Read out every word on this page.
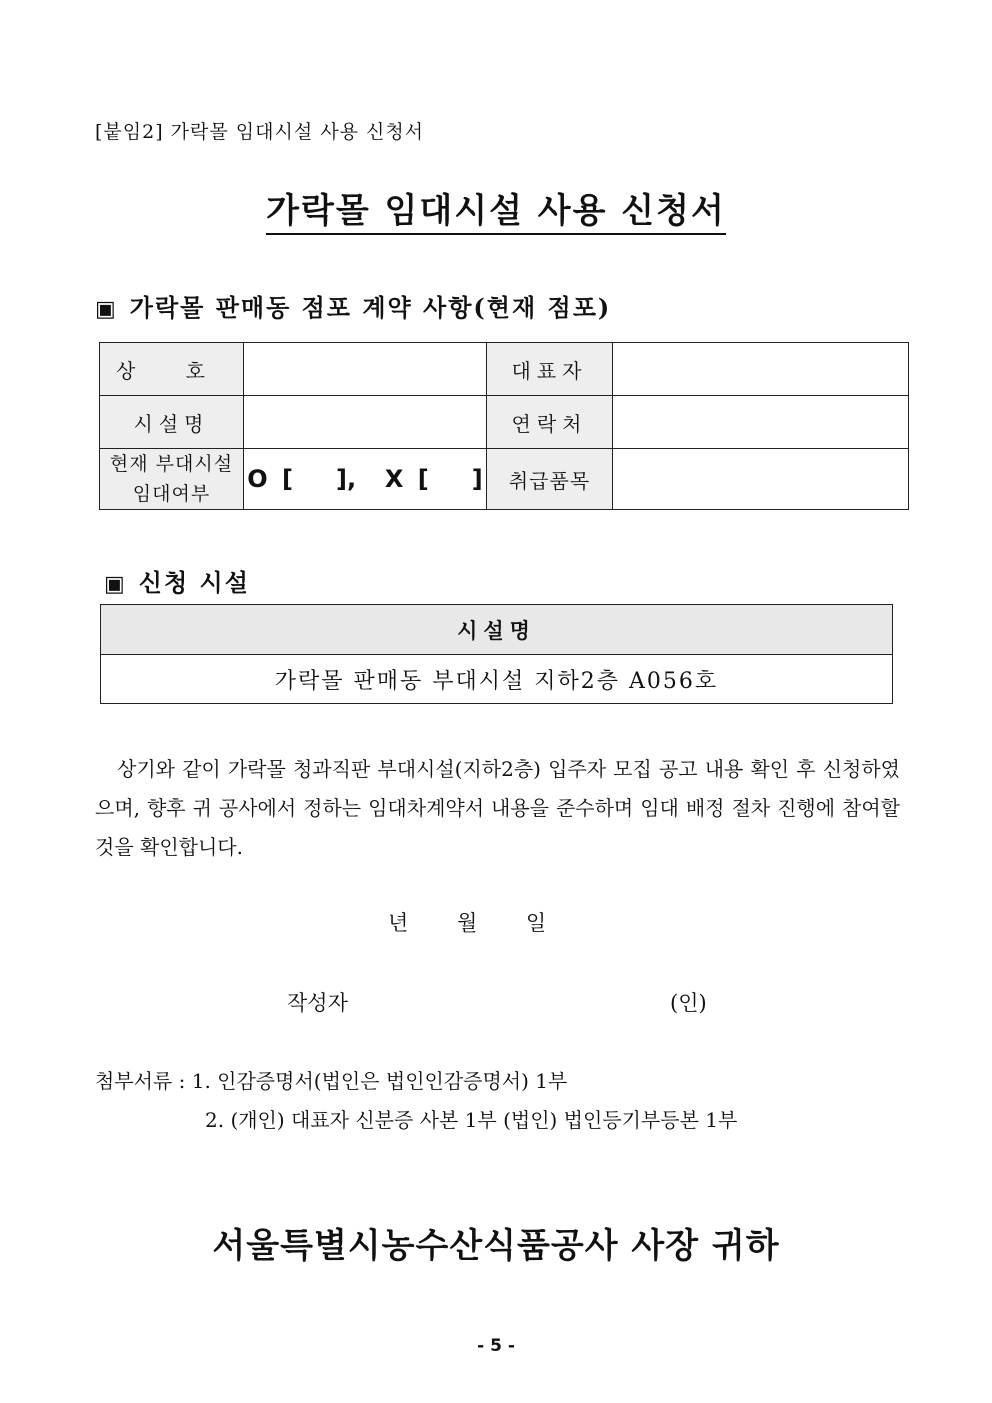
[붙임2] 가락몰 임대시설 사용 신청서
가락몰 임대시설 사용 신청서
▣ 가락몰 판매동 점포 계약 사항(현재 점포)
상 호		대표자	
시설명		연락처	

현재 부대시설
임대여부	O [   ],  X [   ]	취급품목	
▣ 신청 시설
시설명
가락몰 판매동 부대시설 지하2층 A056호
상기와 같이 가락몰 청과직판 부대시설(지하2층) 입주자 모집 공고 내용 확인 후 신청하였으며, 향후 귀 공사에서 정하는 임대차계약서 내용을 준수하며 임대 배정 절차 진행에 참여할 것을 확인합니다.
년 월 일
작성자	(인)
첨부서류 : 1. 인감증명서(법인은 법인인감증명서) 1부
2. (개인) 대표자 신분증 사본 1부 (법인) 법인등기부등본 1부
서울특별시농수산식품공사 사장 귀하
- 5 -
